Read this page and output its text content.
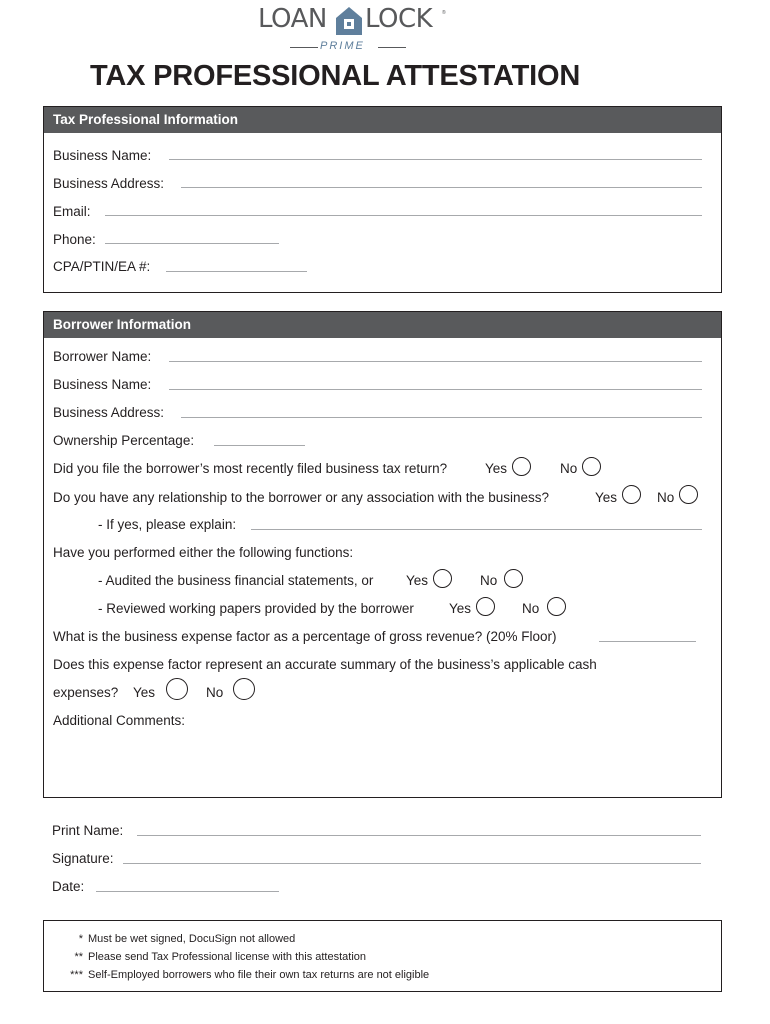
LOAN LOCK ®
PRIME
TAX PROFESSIONAL ATTESTATION
Tax Professional Information
Business Name:
Business Address:
Email:
Phone:
CPA/PTIN/EA #:
Borrower Information
Borrower Name:
Business Name:
Business Address:
Ownership Percentage:
Did you file the borrower’s most recently filed business tax return?	Yes	No
Do you have any relationship to the borrower or any association with the business?	Yes	No
- If yes, please explain:
Have you performed either the following functions:
- Audited the business financial statements, or Yes	No
- Reviewed working papers provided by the borrower	Yes	No
What is the business expense factor as a percentage of gross revenue? (20% Floor)
Does this expense factor represent an accurate summary of the business’s applicable cash
expenses? Yes	No
Additional Comments:
Print Name:
Signature:
Date:
* Must be wet signed, DocuSign not allowed
** Please send Tax Professional license with this attestation
*** Self-Employed borrowers who file their own tax returns are not eligible
